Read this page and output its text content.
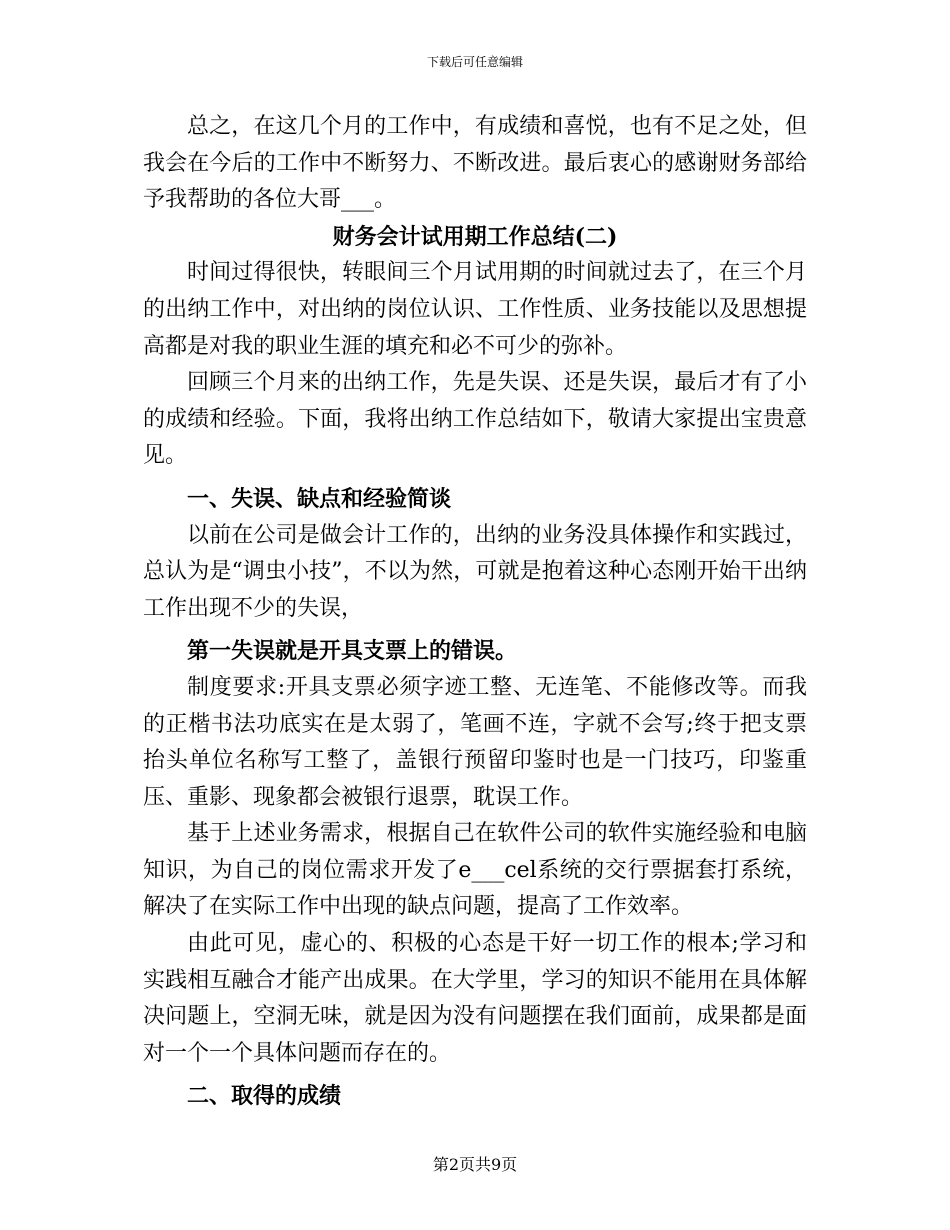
下载后可任意编辑

总之，在这几个月的工作中，有成绩和喜悦，也有不足之处，但我会在今后的工作中不断努力、不断改进。最后衷心的感谢财务部给予我帮助的各位大哥___。

财务会计试用期工作总结(二)

时间过得很快，转眼间三个月试用期的时间就过去了，在三个月的出纳工作中，对出纳的岗位认识、工作性质、业务技能以及思想提高都是对我的职业生涯的填充和必不可少的弥补。

回顾三个月来的出纳工作，先是失误、还是失误，最后才有了小的成绩和经验。下面，我将出纳工作总结如下，敬请大家提出宝贵意见。

一、失误、缺点和经验简谈

以前在公司是做会计工作的，出纳的业务没具体操作和实践过，总认为是“调虫小技”，不以为然，可就是抱着这种心态刚开始干出纳工作出现不少的失误，

第一失误就是开具支票上的错误。

制度要求:开具支票必须字迹工整、无连笔、不能修改等。而我的正楷书法功底实在是太弱了，笔画不连，字就不会写;终于把支票抬头单位名称写工整了，盖银行预留印鉴时也是一门技巧，印鉴重压、重影、现象都会被银行退票，耽误工作。

基于上述业务需求，根据自己在软件公司的软件实施经验和电脑知识，为自己的岗位需求开发了e___cel系统的交行票据套打系统，解决了在实际工作中出现的缺点问题，提高了工作效率。

由此可见，虚心的、积极的心态是干好一切工作的根本;学习和实践相互融合才能产出成果。在大学里，学习的知识不能用在具体解决问题上，空洞无味，就是因为没有问题摆在我们面前，成果都是面对一个一个具体问题而存在的。

二、取得的成绩

第2页共9页
